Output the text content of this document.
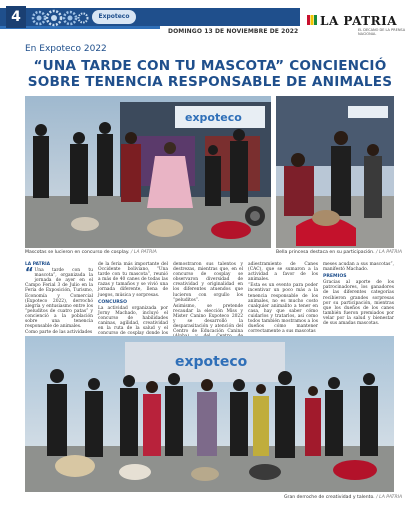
4	Expoteco
DOMINGO 13 DE NOVIEMBRE DE 2022
LA PATRIA
EL DECANO DE LA PRENSA NACIONAL
En Expoteco 2022
“UNA TARDE CON TU MASCOTA” CONCIENCIÓ SOBRE TENENCIA RESPONSABLE DE ANIMALES
expoteco
Mascotas se lucieron en concurso de cosplay. / LA PATRIA	Bella princesa destaca en su participación. / LA PATRIA
LA PATRIA

“ Una tarde con tu mascota”, organizada la jornada de ayer en el Campo Ferial 3 de Julio en la Feria de Exposición, Turismo, Economía y Comercial (Expoteco 2022), derrochó alegría y entusiasmo entre los “peluditos de cuatro patas” y concienció a la población sobre una tenencia responsable de animales.

Como parte de las actividades

de la feria más importante del Occidente boliviano, “Una tarde con tu mascota”, reunió a más de 40 canes de todas las razas y tamaños y se vivió una jornada diferente, llena de juegos, música y sorpresas.

CONCURSO

La actividad organizada por Jorny Machado, incluyó el concurso de habilidades caninas, agilidad, creatividad en la ruta de la salud y el concurso de cosplay donde los

demostraron sus talentos y destrezas, mientras que, en el concurso de cosplay se observaron diversidad de creatividad y originalidad en los diferentes atuendos que lucieron con orgullo los “peluditos”.

Asimismo, se pretende recaudar la elección Miss y Mister Canino Expoteco 2022 y se desarrolló la desparasitación y atención del Centro de Educación Canina

adiestramiento de Canes (CAC), que se sumaron a la actividad a favor de los animales.

“Esta es un evento para poder incentivar un poco más a la tenencia responsable de los animales, no es mucho costo cualquier animalito a tener en casa, hay que saber cómo cuidarlos y tratarlos, así como todos también mostramos a los dueños cómo mantener correctamente a sus mascotas

meses acudan a sus mascotas”, manifestó Machado.

PREMIOS

Gracias al aporte de los patrocinadores, los ganadores de las diferentes categorías recibieron grandes sorpresas por su participación, mientras que los dueños de los canes también fueron premiados por velar por la salud y bienestar de sus amadas mascotas.

expoteco
Gran derroche de creatividad y talento. / LA PATRIA
